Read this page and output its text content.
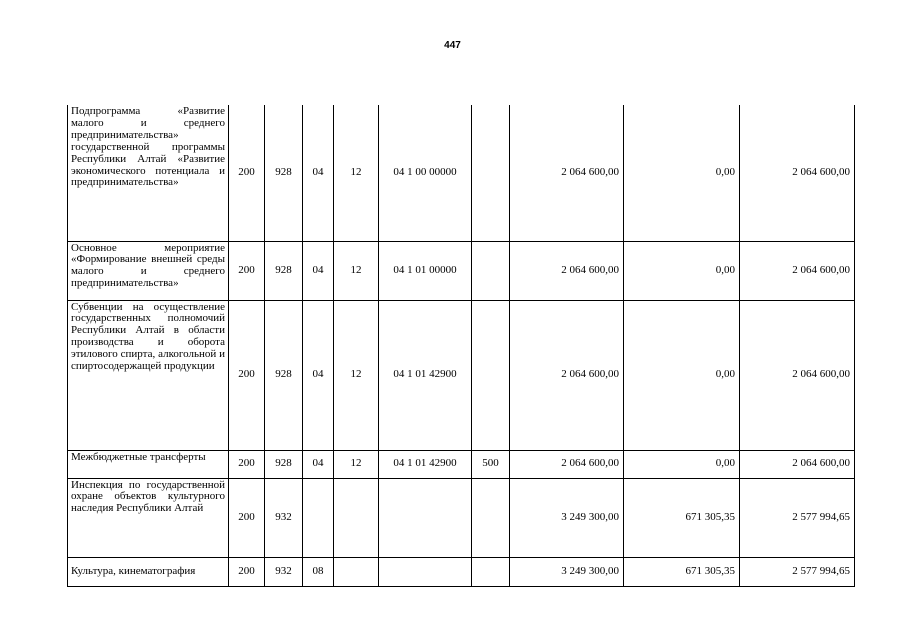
447
Подпрограмма «Развитие малого и среднего предпринимательства» государственной программы Республики Алтай «Развитие экономического потенциала и предпринимательства»	200	928	04	12	04 1 00 00000		2 064 600,00	0,00	2 064 600,00
Основное мероприятие «Формирование внешней среды малого и среднего предпринимательства»	200	928	04	12	04 1 01 00000		2 064 600,00	0,00	2 064 600,00
Субвенции на осуществление государственных полномочий Республики Алтай в области производства и оборота этилового спирта, алкогольной и спиртосодержащей продукции	200	928	04	12	04 1 01 42900		2 064 600,00	0,00	2 064 600,00
Межбюджетные трансферты	200	928	04	12	04 1 01 42900	500	2 064 600,00	0,00	2 064 600,00
Инспекция по государственной охране объектов культурного наследия Республики Алтай	200	932					3 249 300,00	671 305,35	2 577 994,65
Культура, кинематография	200	932	08				3 249 300,00	671 305,35	2 577 994,65
